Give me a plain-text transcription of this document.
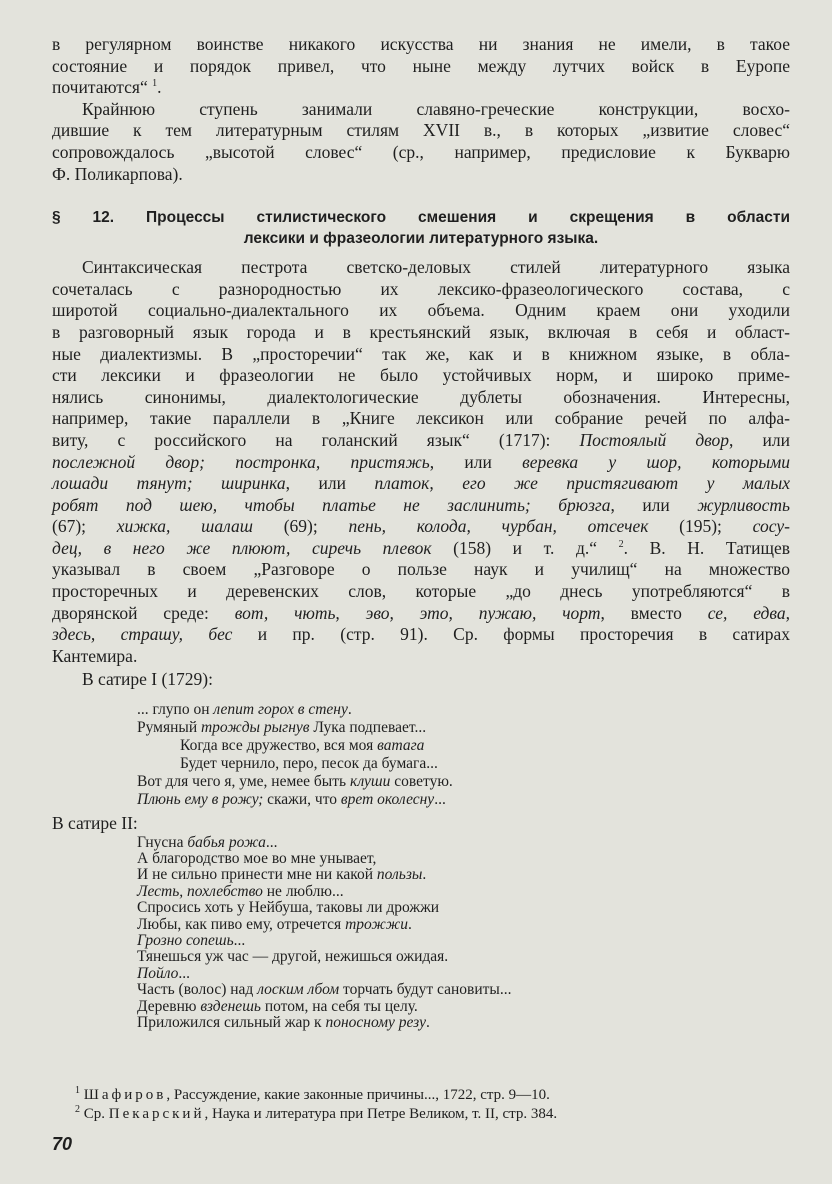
в регулярном воинстве никакого искусства ни знания не имели, в такое
состояние и порядок привел, что ныне между лутчих войск в Еуропе
почитаются“ $^1$.
Крайнюю ступень занимали славяно-греческие конструкции, восхо-
дившие к тем литературным стилям XVII в., в которых „извитие словес“
сопровождалось „высотой словес“ (ср., например, предисловие к Букварю
Ф. Поликарпова).
§ 12. Процессы стилистического смешения и скрещения в области
лексики и фразеологии литературного языка.
Синтаксическая пестрота светско-деловых стилей литературного языка
сочеталась с разнородностью их лексико-фразеологического состава, с
широтой социально-диалектального их объема. Одним краем они уходили
в разговорный язык города и в крестьянский язык, включая в себя и област-
ные диалектизмы. В „просторечии“ так же, как и в книжном языке, в обла-
сти лексики и фразеологии не было устойчивых норм, и широко приме-
нялись синонимы, диалектологические дублеты обозначения. Интересны,
например, такие параллели в „Книге лексикон или собрание речей по алфа-
виту, с российского на голанский язык“ (1717): Постоялый двор, или
послежной двор; постронка, пристяжь, или веревка у шор, которыми
лошади тянут; ширинка, или платок, его же пристягивают у малых
робят под шею, чтобы платье не заслинить; брюзга, или журливость
(67); хижка, шалаш (69); пень, колода, чурбан, отсечек (195); сосу-
дец, в него же плюют, сиречь плевок (158) и т. д.“ $^2$. В. Н. Татищев
указывал в своем „Разговоре о пользе наук и училищ“ на множество
просторечных и деревенских слов, которые „до днесь употребляются“ в
дворянской среде: вот, чють, эво, это, пужаю, чорт, вместо се, едва,
здесь, страшу, бес и пр. (стр. 91). Ср. формы просторечия в сатирах
Кантемира.
В сатире I (1729):
... глупо он лепит горох в стену.
Румяный трожды рыгнув Лука подпевает...
Когда все дружество, вся моя ватага
Будет чернило, перо, песок да бумага...
Вот для чего я, уме, немее быть клуши советую.
Плюнь ему в рожу; скажи, что врет околесну...
В сатире II:
Гнусна бабья рожа...
А благородство мое во мне унывает,
И не сильно принести мне ни какой пользы.
Лесть, похлебство не люблю...
Спросись хоть у Нейбуша, таковы ли дрожжи
Любы, как пиво ему, отречется трожжи.
Грозно сопешь...
Тянешься уж час — другой, нежишься ожидая.
Пойло...
Часть (волос) над лоским лбом торчать будут сановиты...
Деревню взденешь потом, на себя ты целу.
Приложился сильный жар к поносному резу.
$^1$ Шафиров, Рассуждение, какие законные причины..., 1722, стр. 9—10.
$^2$ Ср. Пекарский, Наука и литература при Петре Великом, т. II, стр. 384.
70
